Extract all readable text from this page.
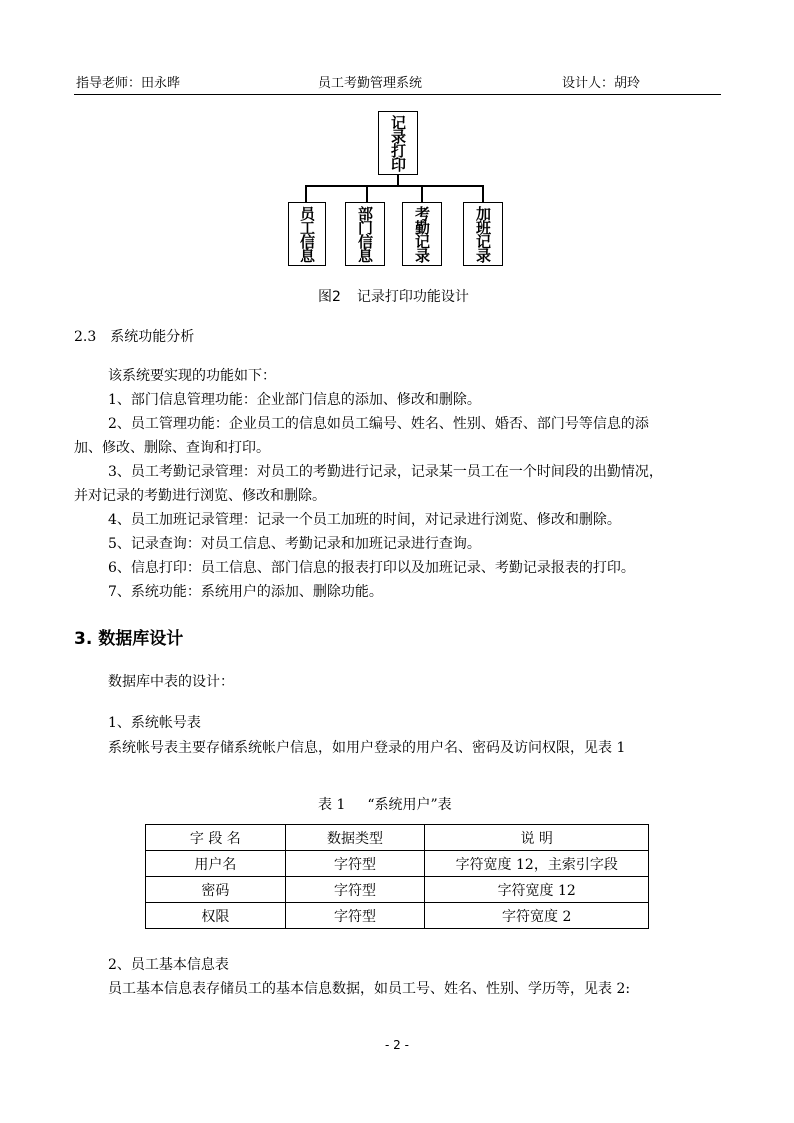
指导老师：田永晔	员工考勤管理系统	设计人：胡玲
记录打印
员工信息	部门信息	考勤记录	加班记录
图2 记录打印功能设计
2.3 系统功能分析
该系统要实现的功能如下：
1、部门信息管理功能：企业部门信息的添加、修改和删除。
2、员工管理功能：企业员工的信息如员工编号、姓名、性别、婚否、部门号等信息的添
加、修改、删除、查询和打印。
3、员工考勤记录管理：对员工的考勤进行记录，记录某一员工在一个时间段的出勤情况，
并对记录的考勤进行浏览、修改和删除。
4、员工加班记录管理：记录一个员工加班的时间，对记录进行浏览、修改和删除。
5、记录查询：对员工信息、考勤记录和加班记录进行查询。
6、信息打印：员工信息、部门信息的报表打印以及加班记录、考勤记录报表的打印。
7、系统功能：系统用户的添加、删除功能。
3. 数据库设计
数据库中表的设计：
1、系统帐号表
系统帐号表主要存储系统帐户信息，如用户登录的用户名、密码及访问权限，见表 1
表 1 “系统用户”表
字 段 名	数据类型	说 明
用户名	字符型	字符宽度 12，主索引字段
密码	字符型	字符宽度 12
权限	字符型	字符宽度 2
2、员工基本信息表
员工基本信息表存储员工的基本信息数据，如员工号、姓名、性别、学历等，见表 2:
- 2 -
